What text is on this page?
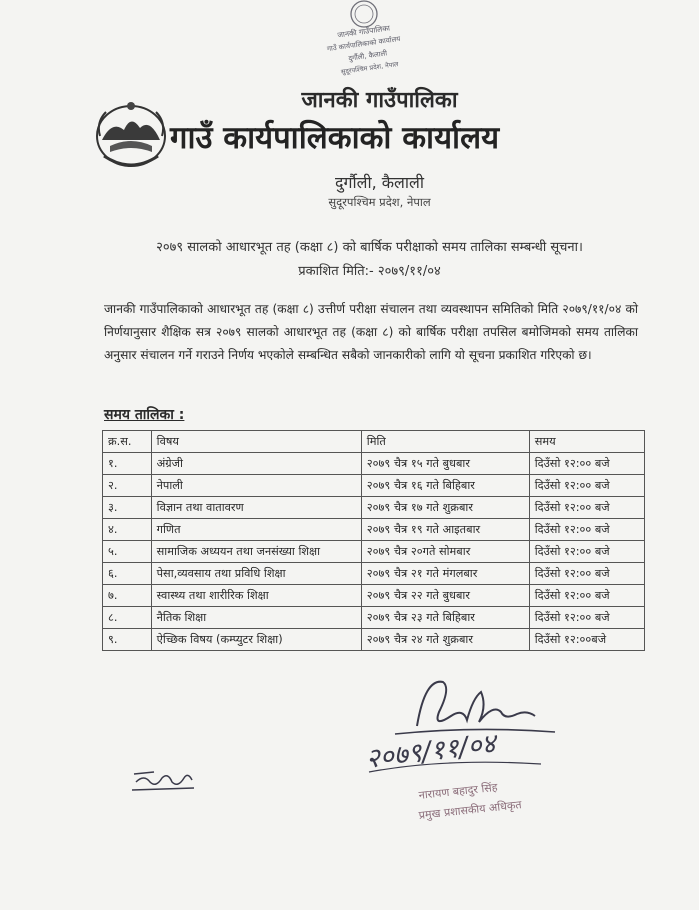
जानकी गाउँपालिका
गाउँ कार्यपालिकाको कार्यालय
दुर्गौली, कैलाली
सुदूरपश्चिम प्रदेश, नेपाल
जानकी गाउँपालिका
गाउँ कार्यपालिकाको कार्यालय
दुर्गौली, कैलाली
सुदूरपश्चिम प्रदेश, नेपाल
२०७९ सालको आधारभूत तह (कक्षा ८) को बार्षिक परीक्षाको समय तालिका सम्बन्धी सूचना।
प्रकाशित मिति:- २०७९/११/०४
जानकी गाउँपालिकाको आधारभूत तह (कक्षा ८) उत्तीर्ण परीक्षा संचालन तथा व्यवस्थापन समितिको मिति २०७९/११/०४ को निर्णयानुसार शैक्षिक सत्र २०७९ सालको आधारभूत तह (कक्षा ८) को बार्षिक परीक्षा तपसिल बमोजिमको समय तालिका अनुसार संचालन गर्ने गराउने निर्णय भएकोले सम्बन्धित सबैको जानकारीको लागि यो सूचना प्रकाशित गरिएको छ।
समय तालिका :
क्र.स.	विषय	मिति	समय
१.	अंग्रेजी	२०७९ चैत्र १५ गते बुधबार	दिउँसो १२:०० बजे
२.	नेपाली	२०७९ चैत्र १६ गते बिहिबार	दिउँसो १२:०० बजे
३.	विज्ञान तथा वातावरण	२०७९ चैत्र १७ गते शुक्रबार	दिउँसो १२:०० बजे
४.	गणित	२०७९ चैत्र १९ गते आइतबार	दिउँसो १२:०० बजे
५.	सामाजिक अध्ययन तथा जनसंख्या शिक्षा	२०७९ चैत्र २०गते सोमबार	दिउँसो १२:०० बजे
६.	पेसा,व्यवसाय तथा प्रविधि शिक्षा	२०७९ चैत्र २१ गते मंगलबार	दिउँसो १२:०० बजे
७.	स्वास्थ्य तथा शारीरिक शिक्षा	२०७९ चैत्र २२ गते बुधबार	दिउँसो १२:०० बजे
८.	नैतिक शिक्षा	२०७९ चैत्र २३ गते बिहिबार	दिउँसो १२:०० बजे
९.	ऐच्छिक विषय (कम्प्युटर शिक्षा)	२०७९ चैत्र २४ गते शुक्रबार	दिउँसो १२:००बजे
२०७९/११/०४
नारायण बहादुर सिंह
प्रमुख प्रशासकीय अधिकृत
